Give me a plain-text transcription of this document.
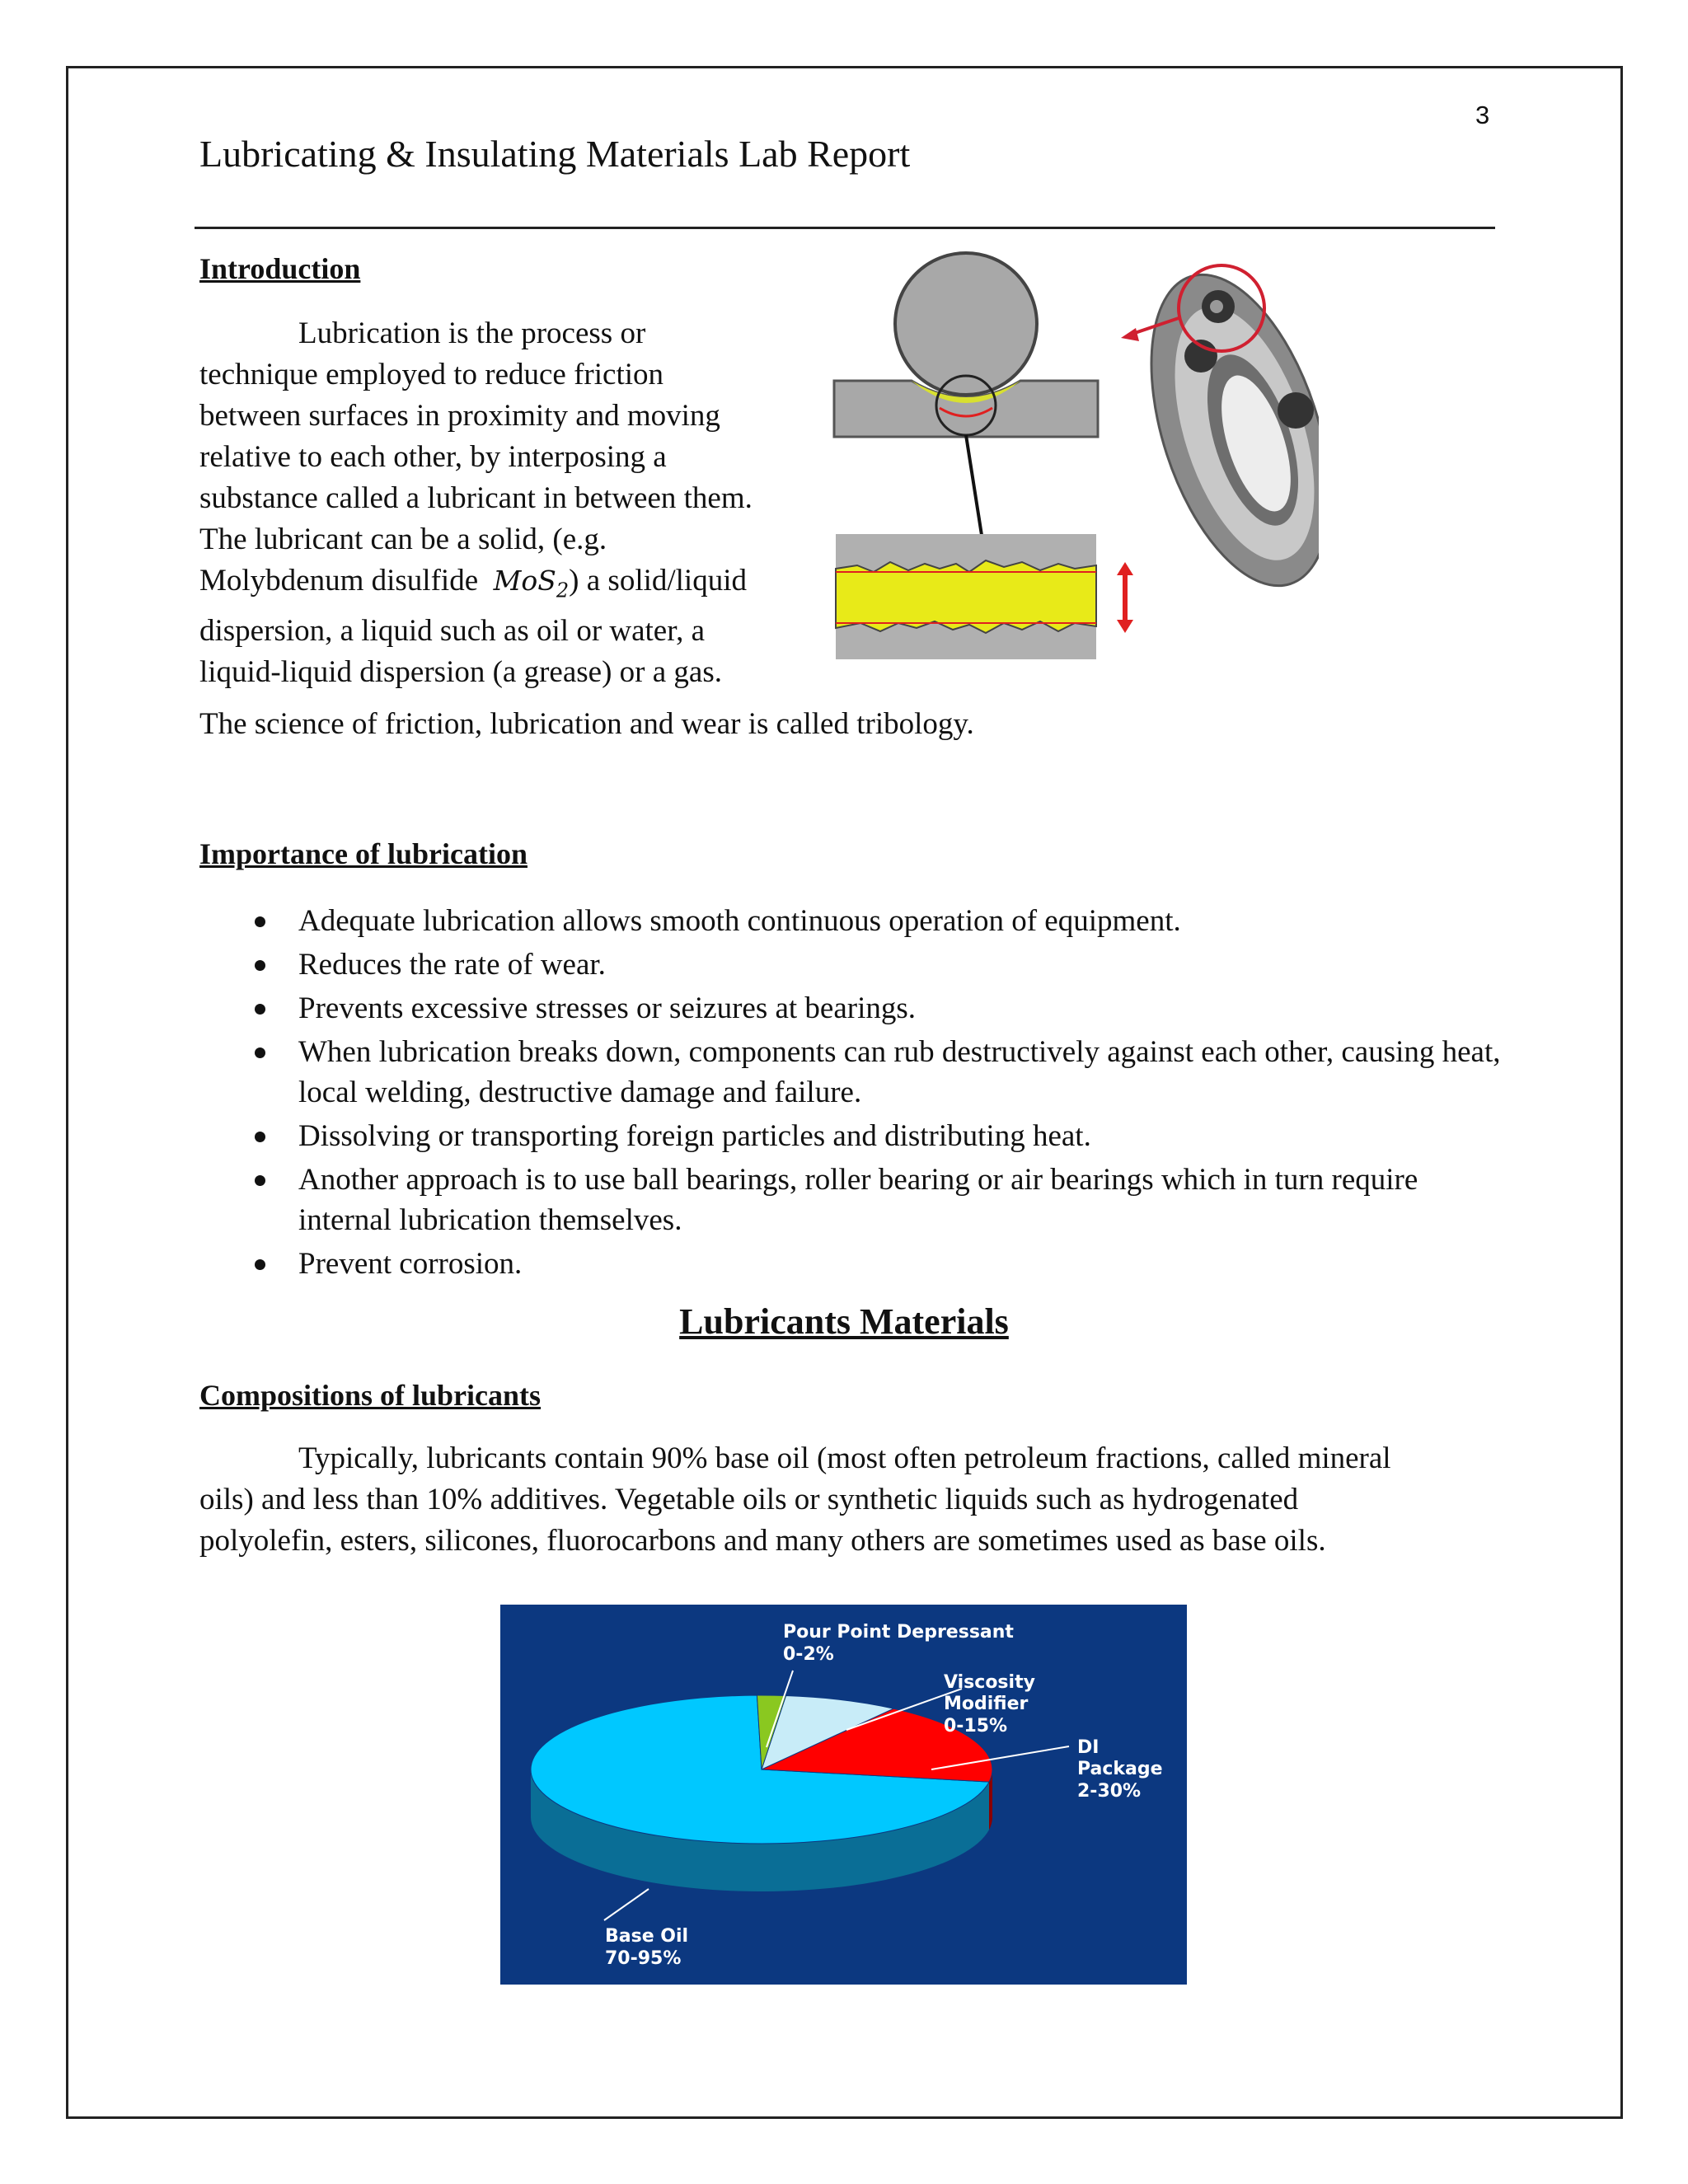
3
Lubricating & Insulating Materials Lab Report
Introduction
Lubrication is the process or
technique employed to reduce friction
between surfaces in proximity and moving
relative to each other, by interposing a
substance called a lubricant in between them.
The lubricant can be a solid, (e.g.
Molybdenum disulfide MoS$_2$) a solid/liquid
dispersion, a liquid such as oil or water, a
liquid-liquid dispersion (a grease) or a gas.
The science of friction, lubrication and wear is called tribology.
Importance of lubrication
Adequate lubrication allows smooth continuous operation of equipment.
Reduces the rate of wear.
Prevents excessive stresses or seizures at bearings.
When lubrication breaks down, components can rub destructively against each other, causing heat, local welding, destructive damage and failure.
Dissolving or transporting foreign particles and distributing heat.
Another approach is to use ball bearings, roller bearing or air bearings which in turn require internal lubrication themselves.
Prevent corrosion.
Lubricants Materials
Compositions of lubricants
Typically, lubricants contain 90% base oil (most often petroleum fractions, called mineral
oils) and less than 10% additives. Vegetable oils or synthetic liquids such as hydrogenated
polyolefin, esters, silicones, fluorocarbons and many others are sometimes used as base oils.
Pour Point Depressant
0-2%
Viscosity
Modifier
0-15%
DI
Package
2-30%
Base Oil
70-95%
